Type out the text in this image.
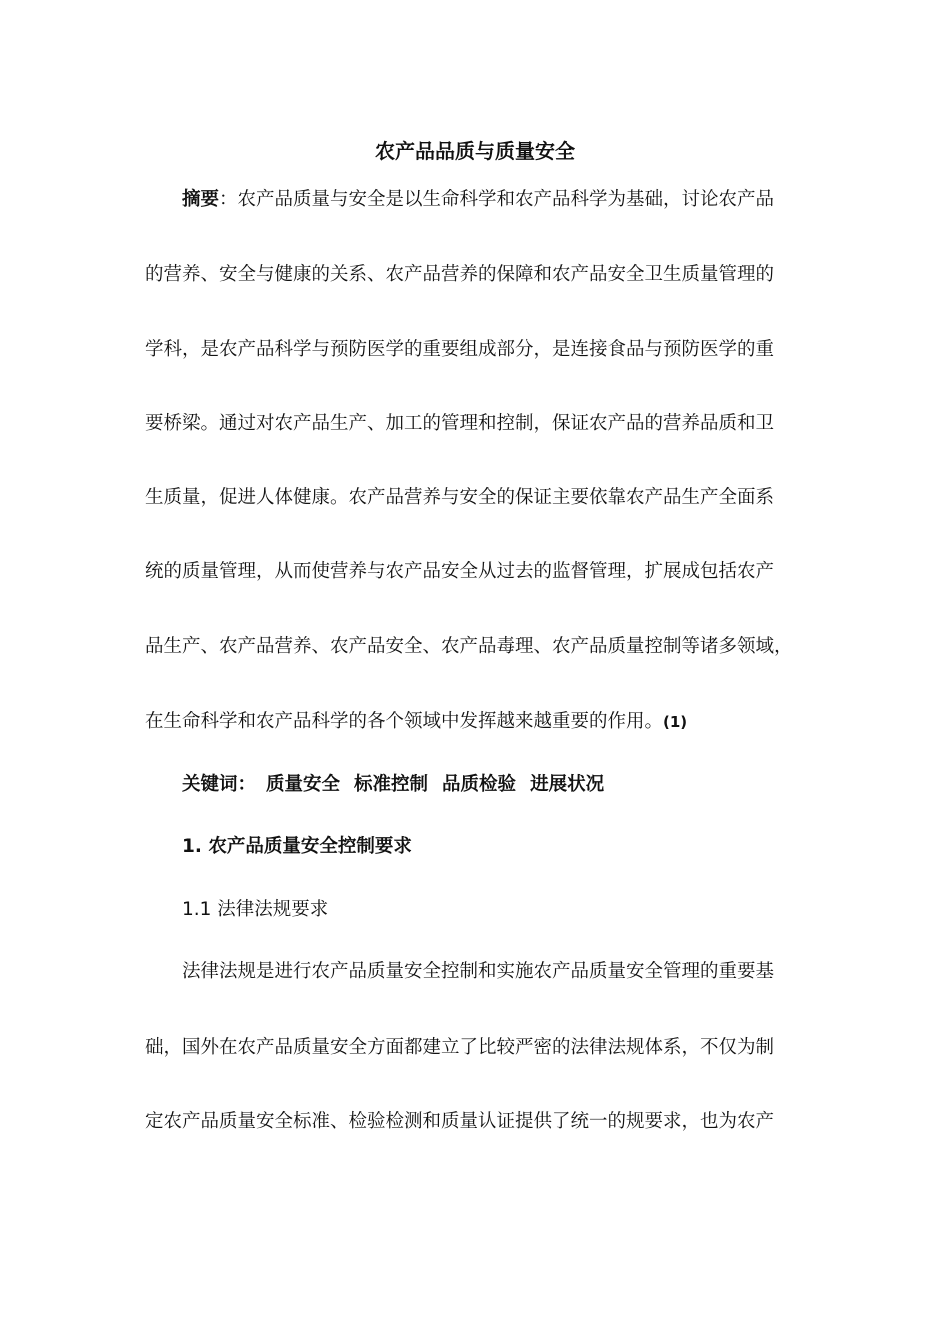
农产品品质与质量安全
摘要：农产品质量与安全是以生命科学和农产品科学为基础，讨论农产品
的营养、安全与健康的关系、农产品营养的保障和农产品安全卫生质量管理的
学科，是农产品科学与预防医学的重要组成部分，是连接食品与预防医学的重
要桥梁。通过对农产品生产、加工的管理和控制，保证农产品的营养品质和卫
生质量，促进人体健康。农产品营养与安全的保证主要依靠农产品生产全面系
统的质量管理，从而使营养与农产品安全从过去的监督管理，扩展成包括农产
品生产、农产品营养、农产品安全、农产品毒理、农产品质量控制等诸多领域，
在生命科学和农产品科学的各个领域中发挥越来越重要的作用。(1)
关键词： 质量安全 标准控制 品质检验 进展状况
1. 农产品质量安全控制要求
1.1 法律法规要求
法律法规是进行农产品质量安全控制和实施农产品质量安全管理的重要基
础，国外在农产品质量安全方面都建立了比较严密的法律法规体系，不仅为制
定农产品质量安全标准、检验检测和质量认证提供了统一的规要求，也为农产
